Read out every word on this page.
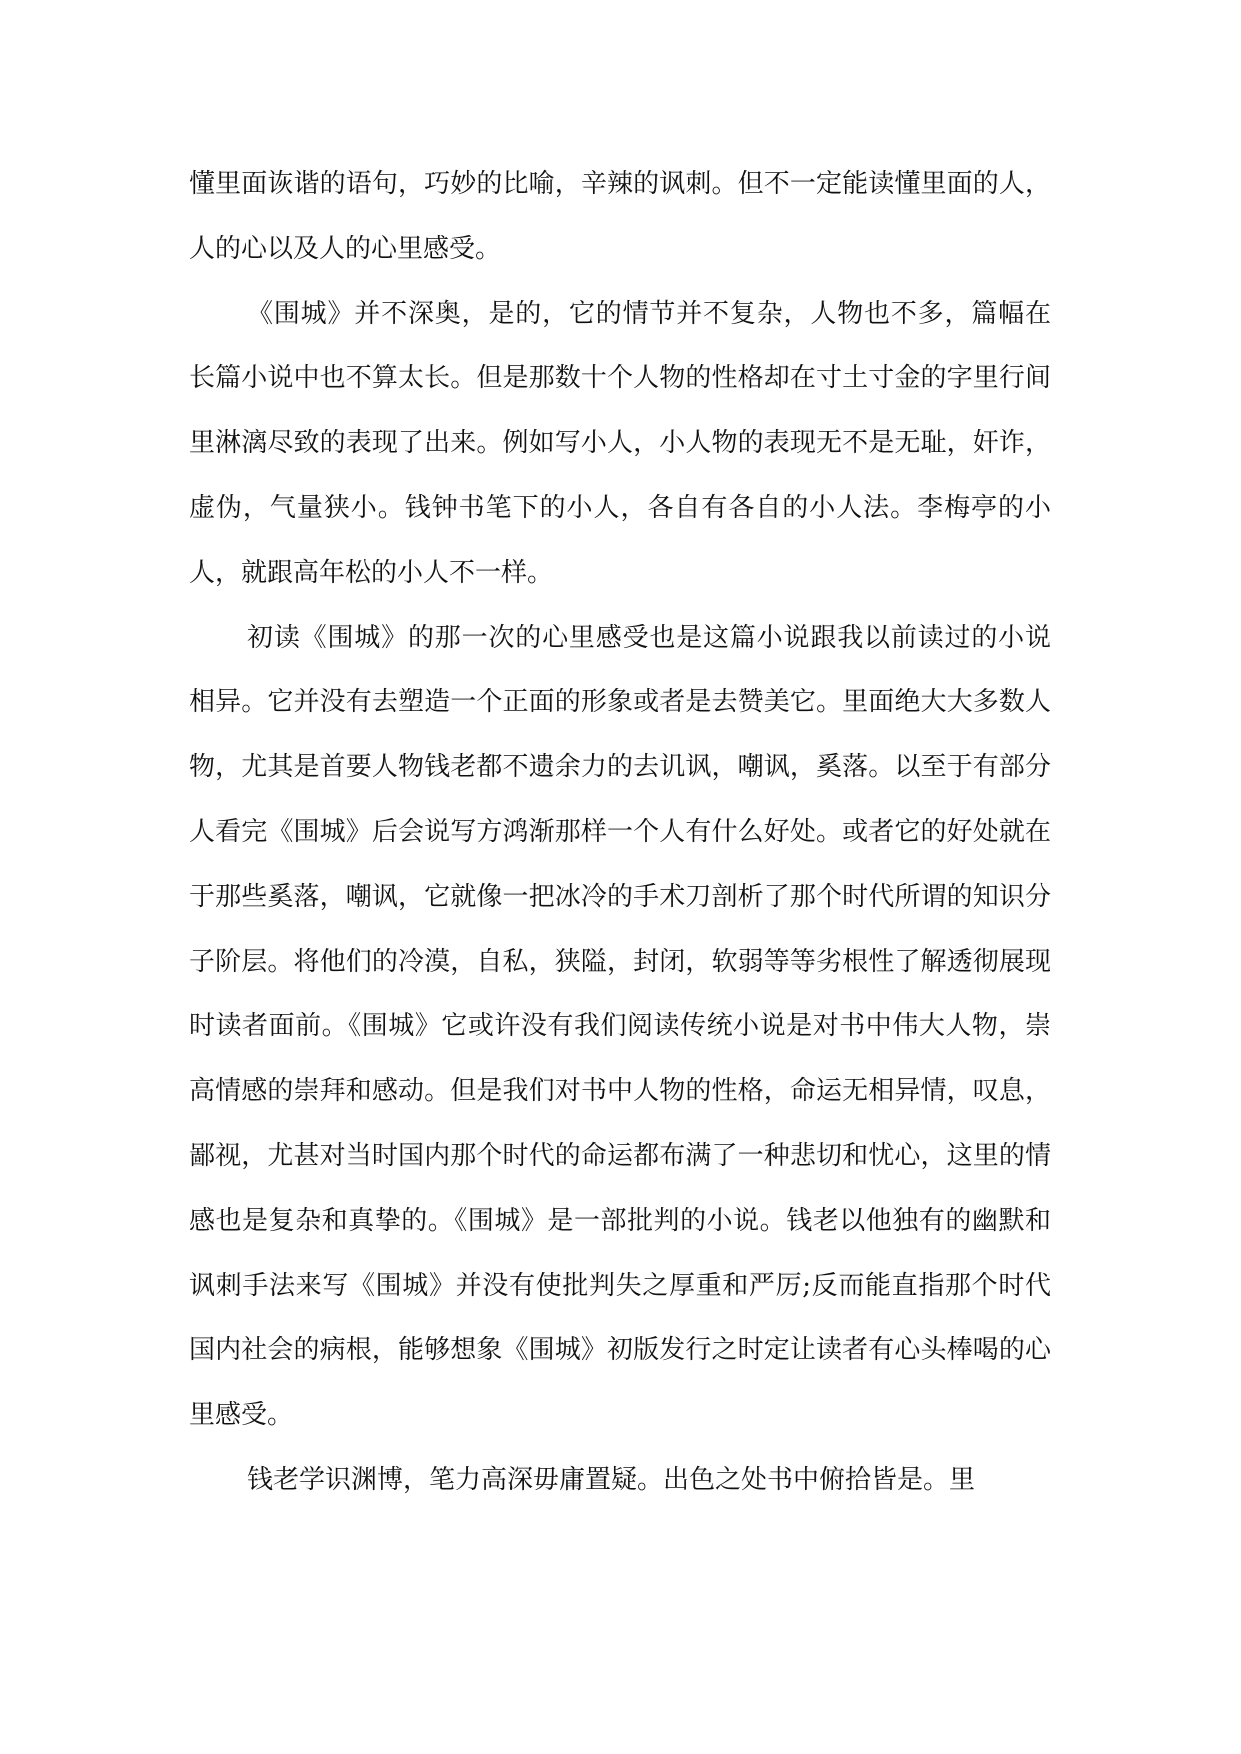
懂里面诙谐的语句，巧妙的比喻，辛辣的讽刺。但不一定能读懂里面的人，人的心以及人的心里感受。

《围城》并不深奥，是的，它的情节并不复杂，人物也不多，篇幅在长篇小说中也不算太长。但是那数十个人物的性格却在寸土寸金的字里行间里淋漓尽致的表现了出来。例如写小人，小人物的表现无不是无耻，奸诈，虚伪，气量狭小。钱钟书笔下的小人，各自有各自的小人法。李梅亭的小人，就跟高年松的小人不一样。

初读《围城》的那一次的心里感受也是这篇小说跟我以前读过的小说相异。它并没有去塑造一个正面的形象或者是去赞美它。里面绝大大多数人物，尤其是首要人物钱老都不遗余力的去讥讽，嘲讽，奚落。以至于有部分人看完《围城》后会说写方鸿渐那样一个人有什么好处。或者它的好处就在于那些奚落，嘲讽，它就像一把冰冷的手术刀剖析了那个时代所谓的知识分子阶层。将他们的冷漠，自私，狭隘，封闭，软弱等等劣根性了解透彻展现时读者面前。《围城》它或许没有我们阅读传统小说是对书中伟大人物，崇高情感的崇拜和感动。但是我们对书中人物的性格，命运无相异情，叹息，鄙视，尤甚对当时国内那个时代的命运都布满了一种悲切和忧心，这里的情感也是复杂和真挚的。《围城》是一部批判的小说。钱老以他独有的幽默和讽刺手法来写《围城》并没有使批判失之厚重和严厉;反而能直指那个时代国内社会的病根，能够想象《围城》初版发行之时定让读者有心头棒喝的心里感受。

钱老学识渊博，笔力高深毋庸置疑。出色之处书中俯拾皆是。里
